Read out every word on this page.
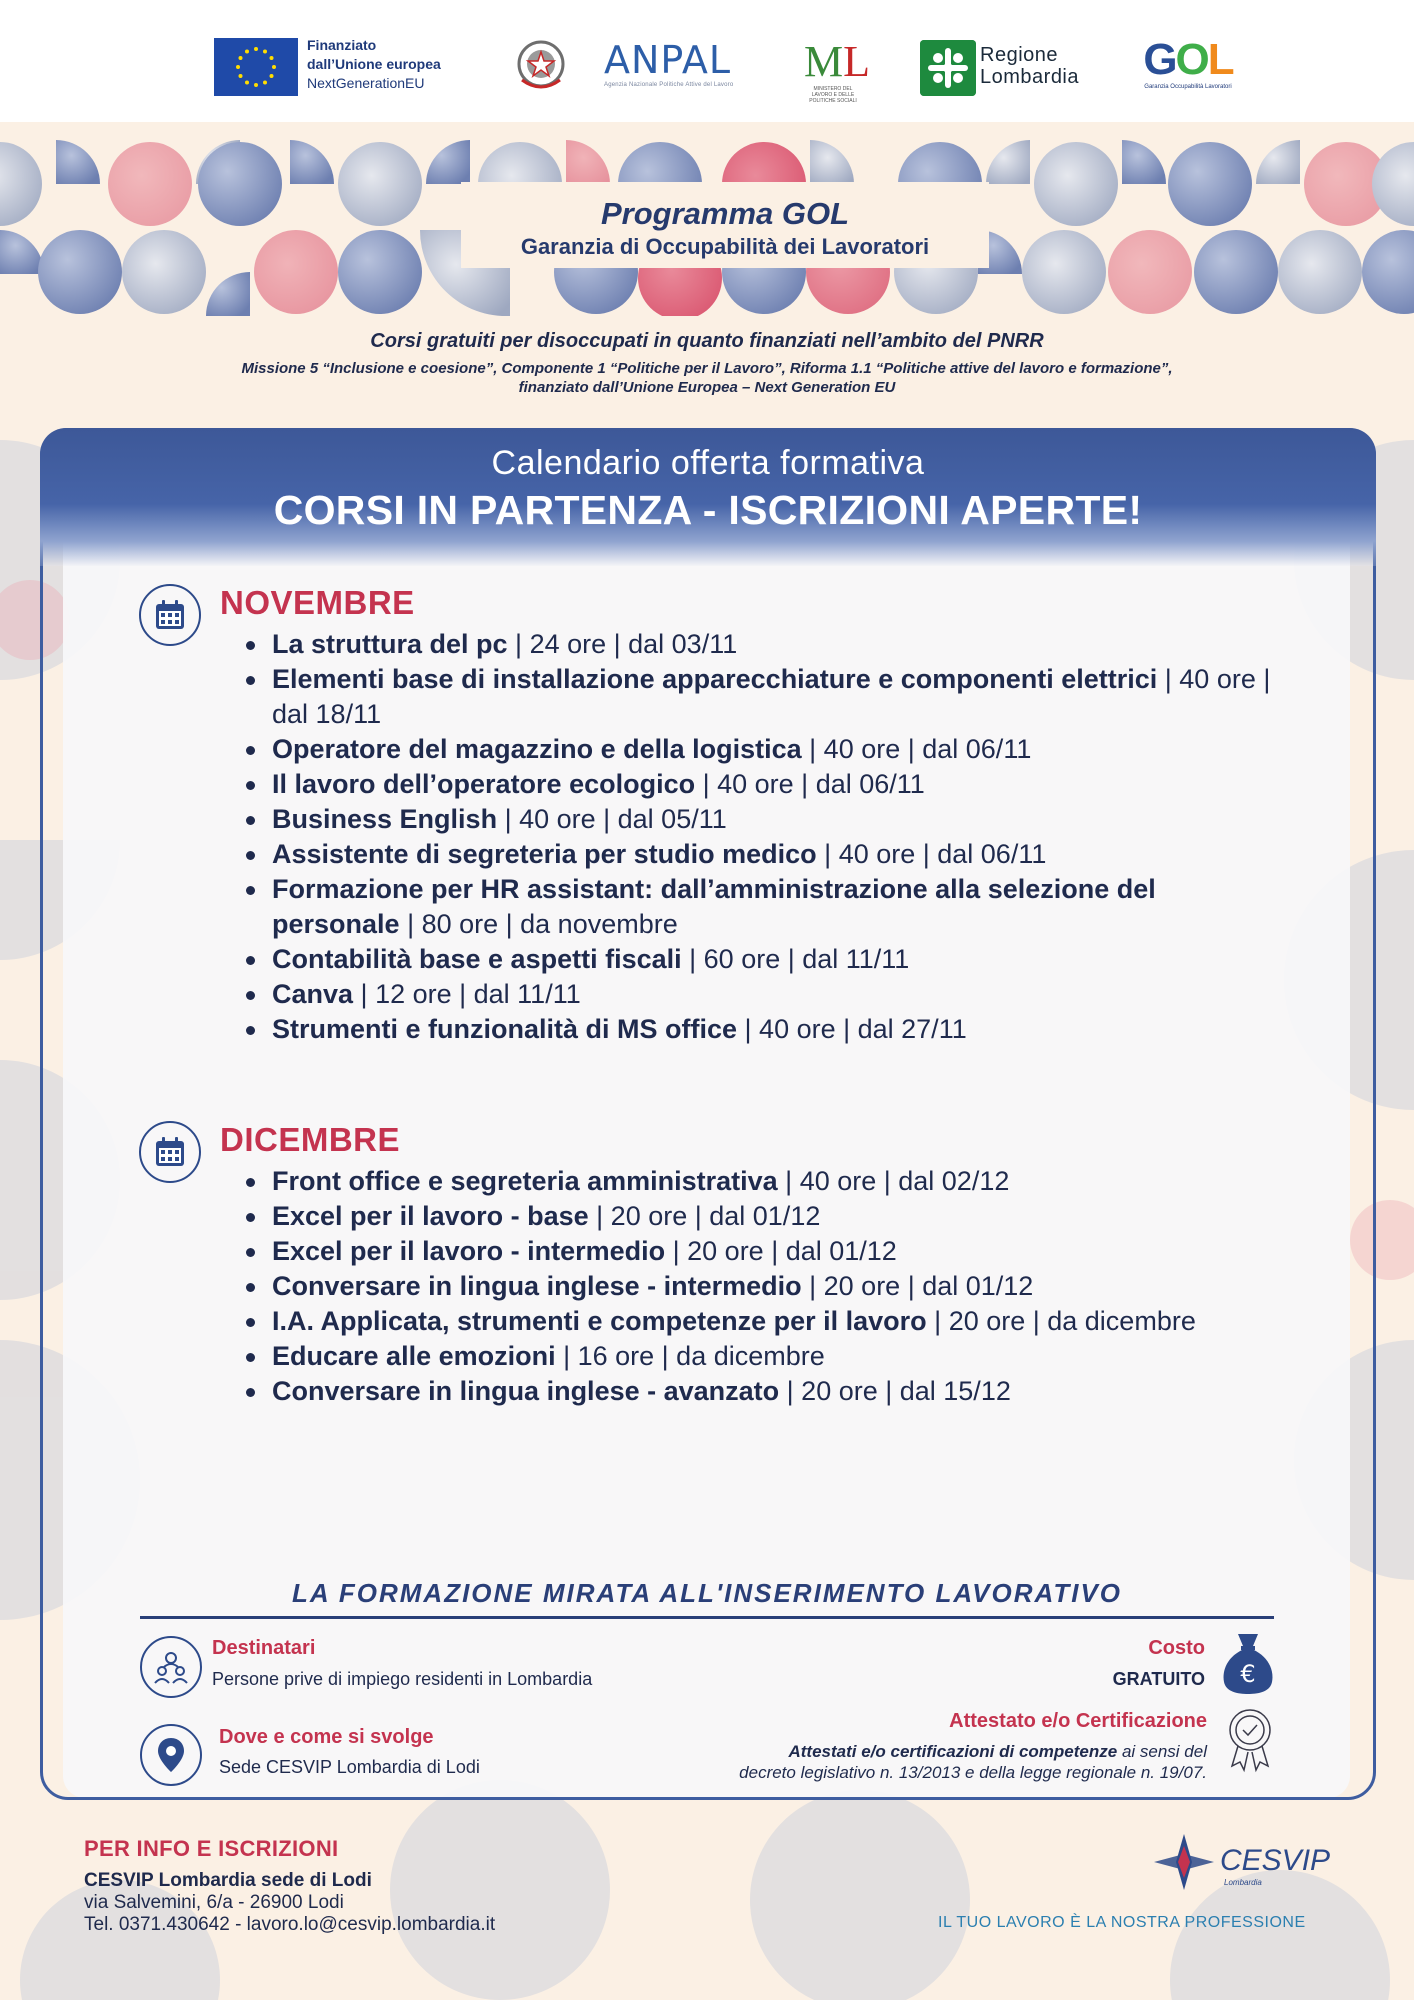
Finanziato
dall’Unione europea
NextGenerationEU
ANPAL
Agenzia Nazionale Politiche Attive del Lavoro	ML
MINISTERO DEL LAVORO E DELLE POLITICHE SOCIALI
Regione
Lombardia GOL
Garanzia Occupabilità Lavoratori
Programma GOL
Garanzia di Occupabilità dei Lavoratori
Corsi gratuiti per disoccupati in quanto finanziati nell’ambito del PNRR
Missione 5 “Inclusione e coesione”, Componente 1 “Politiche per il Lavoro”, Riforma 1.1 “Politiche attive del lavoro e formazione”,
finanziato dall’Unione Europea – Next Generation EU
Calendario offerta formativa
CORSI IN PARTENZA - ISCRIZIONI APERTE!
NOVEMBRE
La struttura del pc | 24 ore | dal 03/11
Elementi base di installazione apparecchiature e componenti elettrici | 40 ore | dal 18/11
Operatore del magazzino e della logistica | 40 ore | dal 06/11
Il lavoro dell’operatore ecologico | 40 ore | dal 06/11
Business English | 40 ore | dal 05/11
Assistente di segreteria per studio medico | 40 ore | dal 06/11
Formazione per HR assistant: dall’amministrazione alla selezione del personale | 80 ore | da novembre
Contabilità base e aspetti fiscali | 60 ore | dal 11/11
Canva | 12 ore | dal 11/11
Strumenti e funzionalità di MS office | 40 ore | dal 27/11
DICEMBRE
Front office e segreteria amministrativa | 40 ore | dal 02/12
Excel per il lavoro - base | 20 ore | dal 01/12
Excel per il lavoro - intermedio | 20 ore | dal 01/12
Conversare in lingua inglese - intermedio | 20 ore | dal 01/12
I.A. Applicata, strumenti e competenze per il lavoro | 20 ore | da dicembre
Educare alle emozioni | 16 ore | da dicembre
Conversare in lingua inglese - avanzato | 20 ore | dal 15/12
LA FORMAZIONE MIRATA ALL'INSERIMENTO LAVORATIVO
Destinatari
Persone prive di impiego residenti in Lombardia
Dove e come si svolge
Sede CESVIP Lombardia di Lodi
Costo
GRATUITO €
Attestato e/o Certificazione
Attestati e/o certificazioni di competenze ai sensi del
decreto legislativo n. 13/2013 e della legge regionale n. 19/07.
PER INFO E ISCRIZIONI
CESVIP Lombardia sede di Lodi
via Salvemini, 6/a - 26900 Lodi
Tel. 0371.430642 - lavoro.lo@cesvip.lombardia.it
CESVIP
Lombardia
IL TUO LAVORO È LA NOSTRA PROFESSIONE
